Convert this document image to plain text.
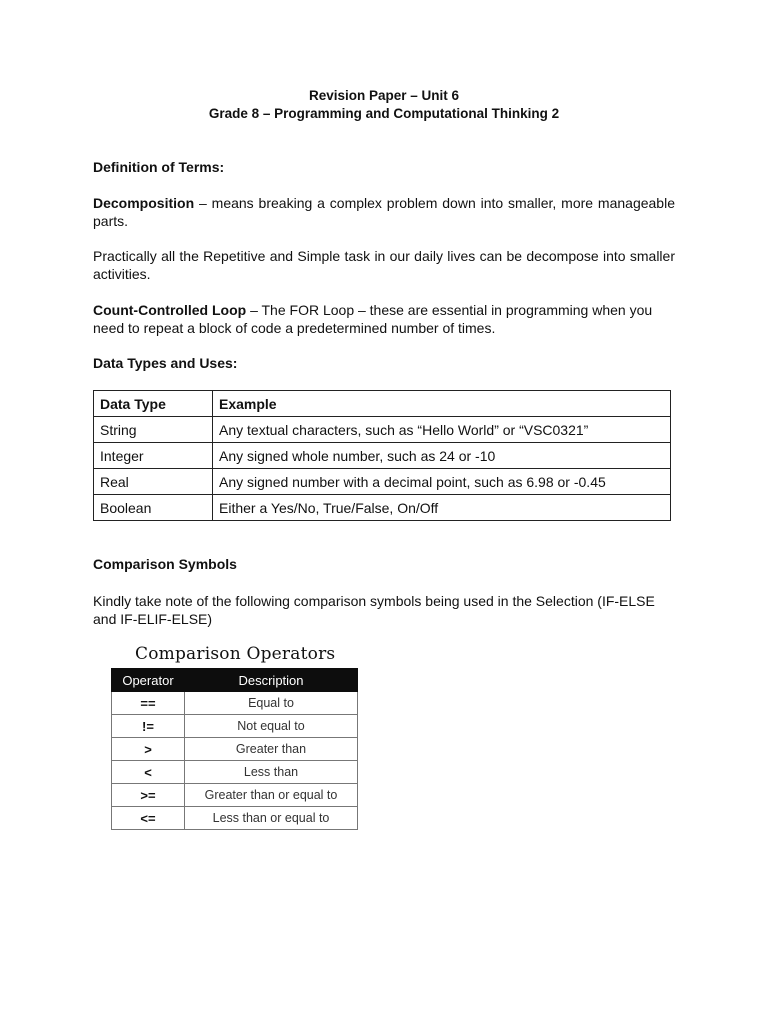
Revision Paper – Unit 6
Grade 8 – Programming and Computational Thinking 2
Definition of Terms:
Decomposition – means breaking a complex problem down into smaller, more manageable parts.
Practically all the Repetitive and Simple task in our daily lives can be decompose into smaller activities.
Count-Controlled Loop – The FOR Loop – these are essential in programming when you need to repeat a block of code a predetermined number of times.
Data Types and Uses:
Data Type	Example
String	Any textual characters, such as “Hello World” or “VSC0321”
Integer	Any signed whole number, such as 24 or -10
Real	Any signed number with a decimal point, such as 6.98 or -0.45
Boolean	Either a Yes/No, True/False, On/Off
Comparison Symbols
Kindly take note of the following comparison symbols being used in the Selection (IF-ELSE and IF-ELIF-ELSE)
Comparison Operators
Operator	Description
==	Equal to
!=	Not equal to
>	Greater than
<	Less than
>=	Greater than or equal to
<=	Less than or equal to
